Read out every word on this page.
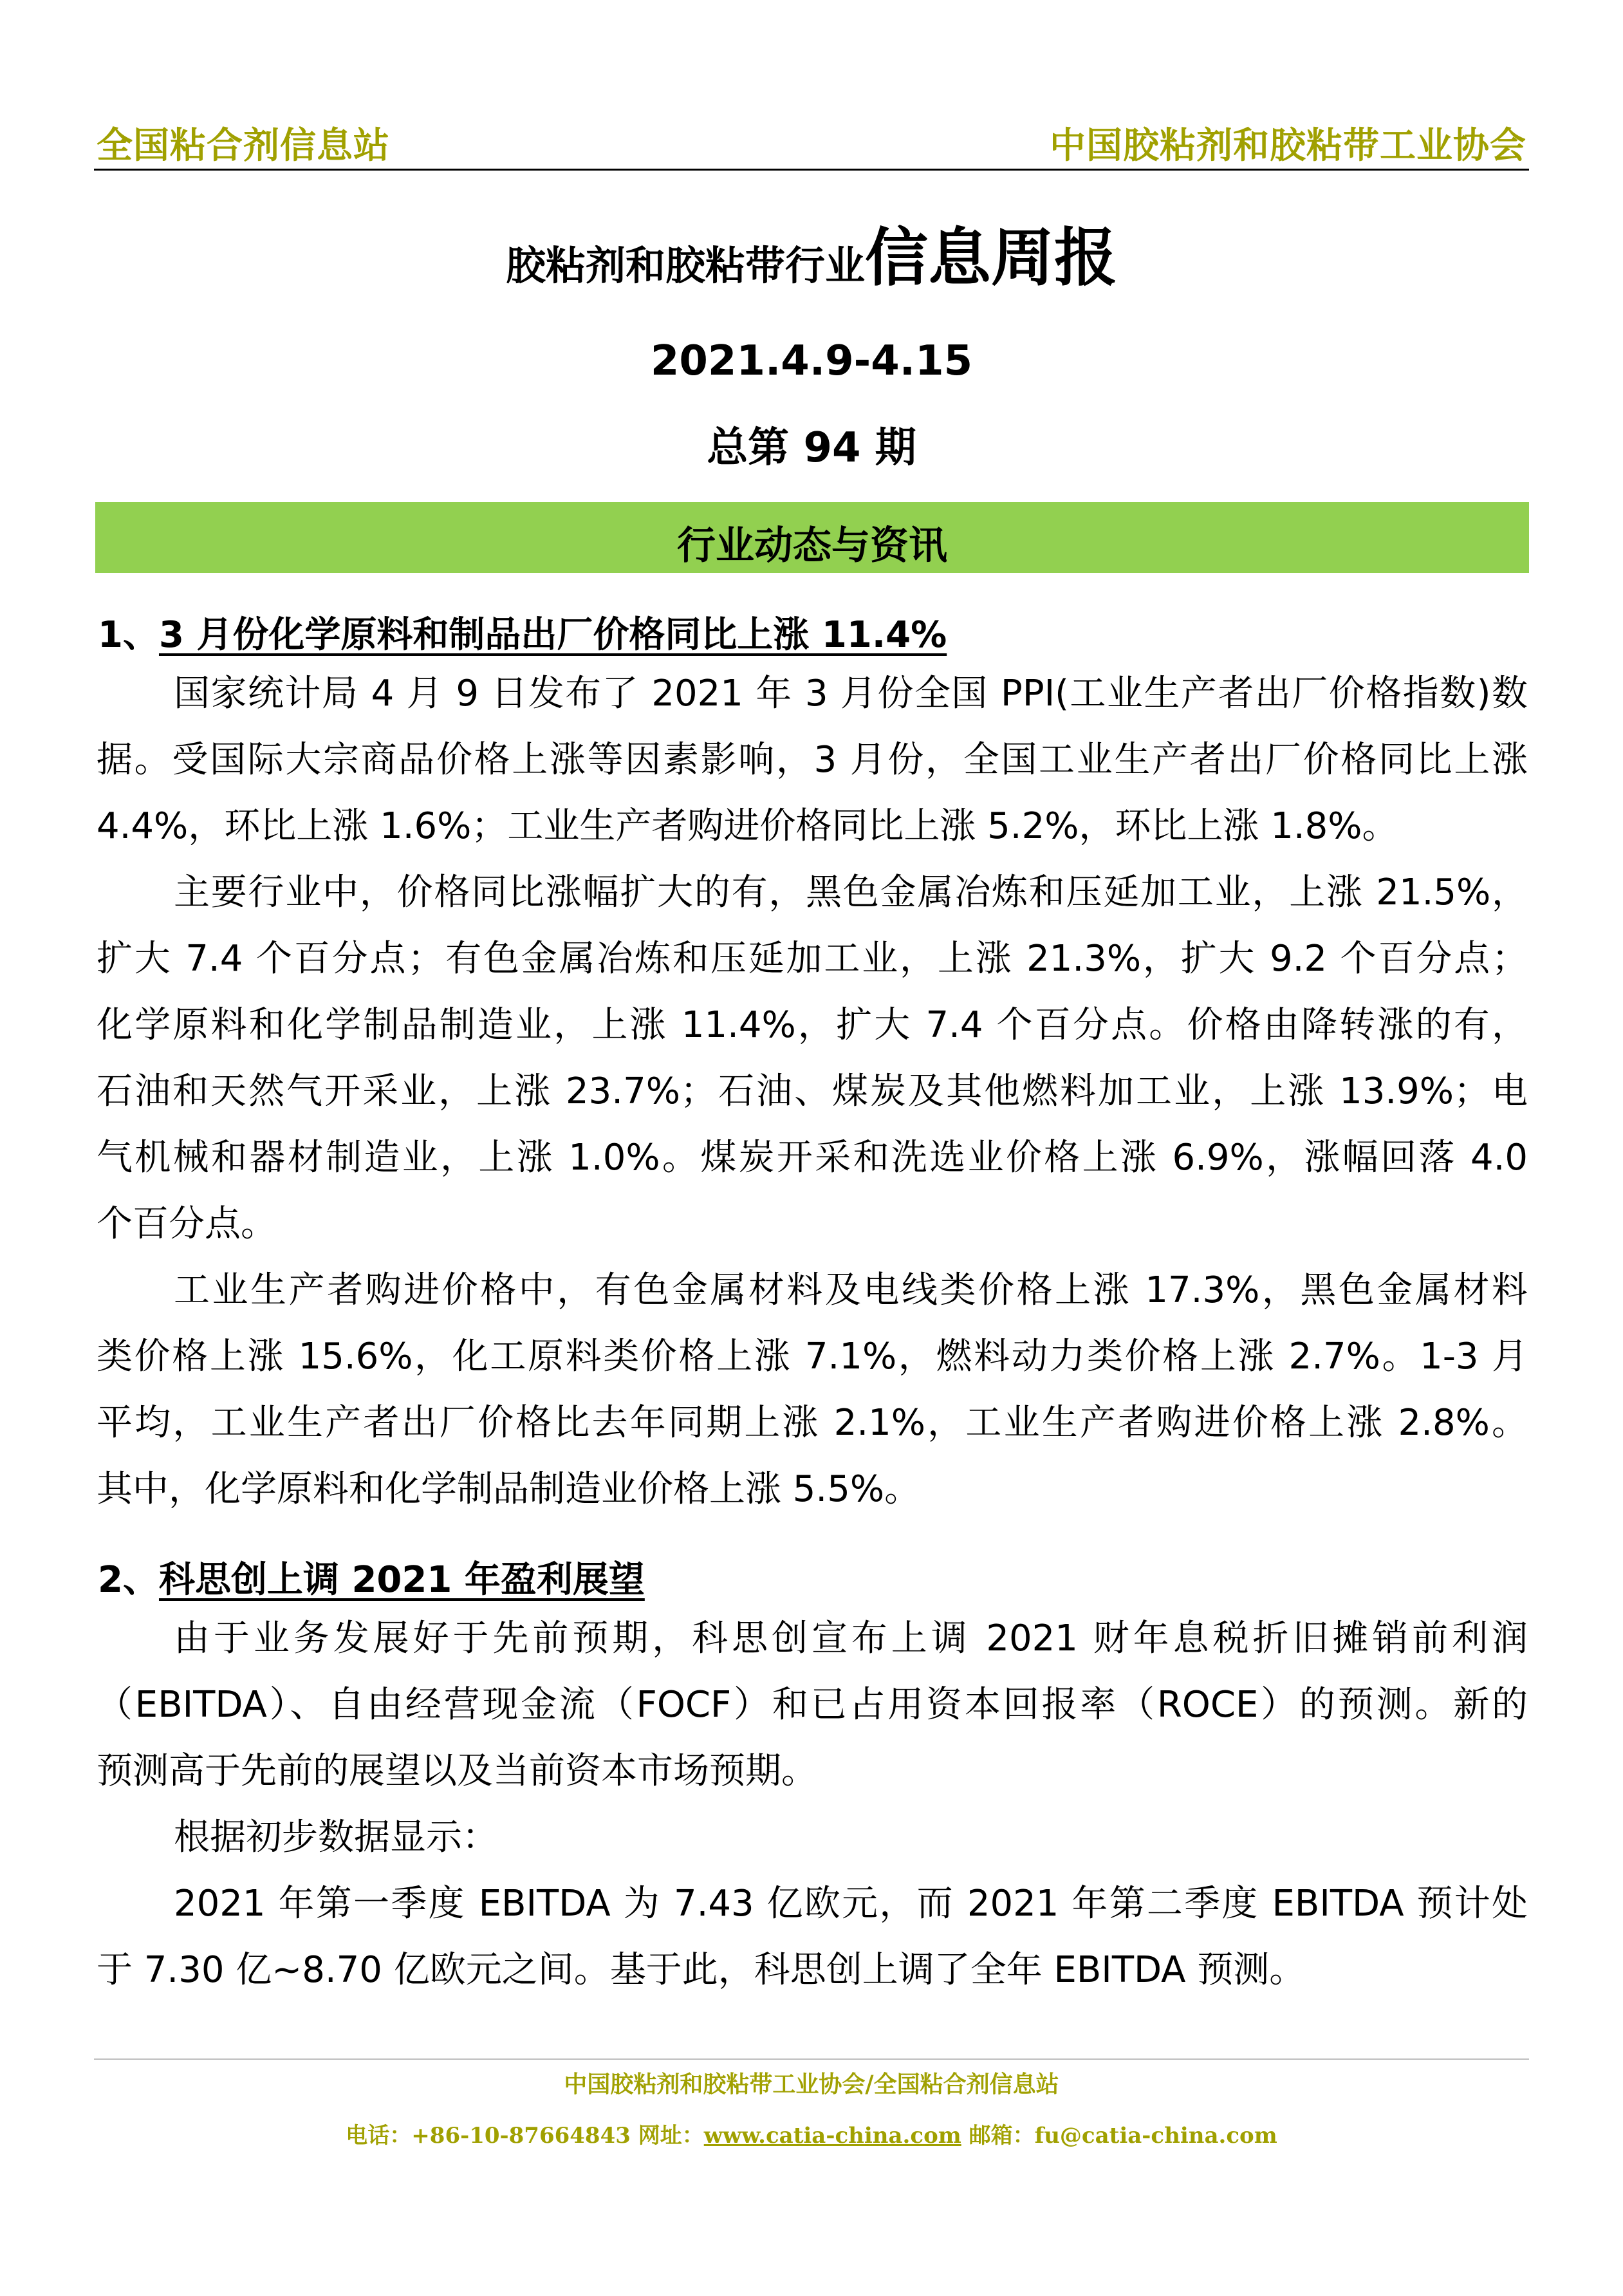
全国粘合剂信息站	中国胶粘剂和胶粘带工业协会
胶粘剂和胶粘带行业信息周报
2021.4.9-4.15
总第 94 期
行业动态与资讯
1、3 月份化学原料和制品出厂价格同比上涨 11.4%
国家统计局 4 月 9 日发布了 2021 年 3 月份全国 PPI(工业生产者出厂价格指数)数
据。受国际大宗商品价格上涨等因素影响，3 月份，全国工业生产者出厂价格同比上涨
4.4%，环比上涨 1.6%；工业生产者购进价格同比上涨 5.2%，环比上涨 1.8%。
主要行业中，价格同比涨幅扩大的有，黑色金属冶炼和压延加工业，上涨 21.5%，
扩大 7.4 个百分点；有色金属冶炼和压延加工业，上涨 21.3%，扩大 9.2 个百分点；
化学原料和化学制品制造业，上涨 11.4%，扩大 7.4 个百分点。价格由降转涨的有，
石油和天然气开采业，上涨 23.7%；石油、煤炭及其他燃料加工业，上涨 13.9%；电
气机械和器材制造业，上涨 1.0%。煤炭开采和洗选业价格上涨 6.9%，涨幅回落 4.0
个百分点。
工业生产者购进价格中，有色金属材料及电线类价格上涨 17.3%，黑色金属材料
类价格上涨 15.6%，化工原料类价格上涨 7.1%，燃料动力类价格上涨 2.7%。1-3 月
平均，工业生产者出厂价格比去年同期上涨 2.1%，工业生产者购进价格上涨 2.8%。
其中，化学原料和化学制品制造业价格上涨 5.5%。
2、科思创上调 2021 年盈利展望
由于业务发展好于先前预期，科思创宣布上调 2021 财年息税折旧摊销前利润
（EBITDA）、自由经营现金流（FOCF）和已占用资本回报率（ROCE）的预测。新的
预测高于先前的展望以及当前资本市场预期。
根据初步数据显示：
2021 年第一季度 EBITDA 为 7.43 亿欧元，而 2021 年第二季度 EBITDA 预计处
于 7.30 亿~8.70 亿欧元之间。基于此，科思创上调了全年 EBITDA 预测。
中国胶粘剂和胶粘带工业协会/全国粘合剂信息站
电话：+86-10-87664843 网址：www.catia-china.com 邮箱：fu@catia-china.com
